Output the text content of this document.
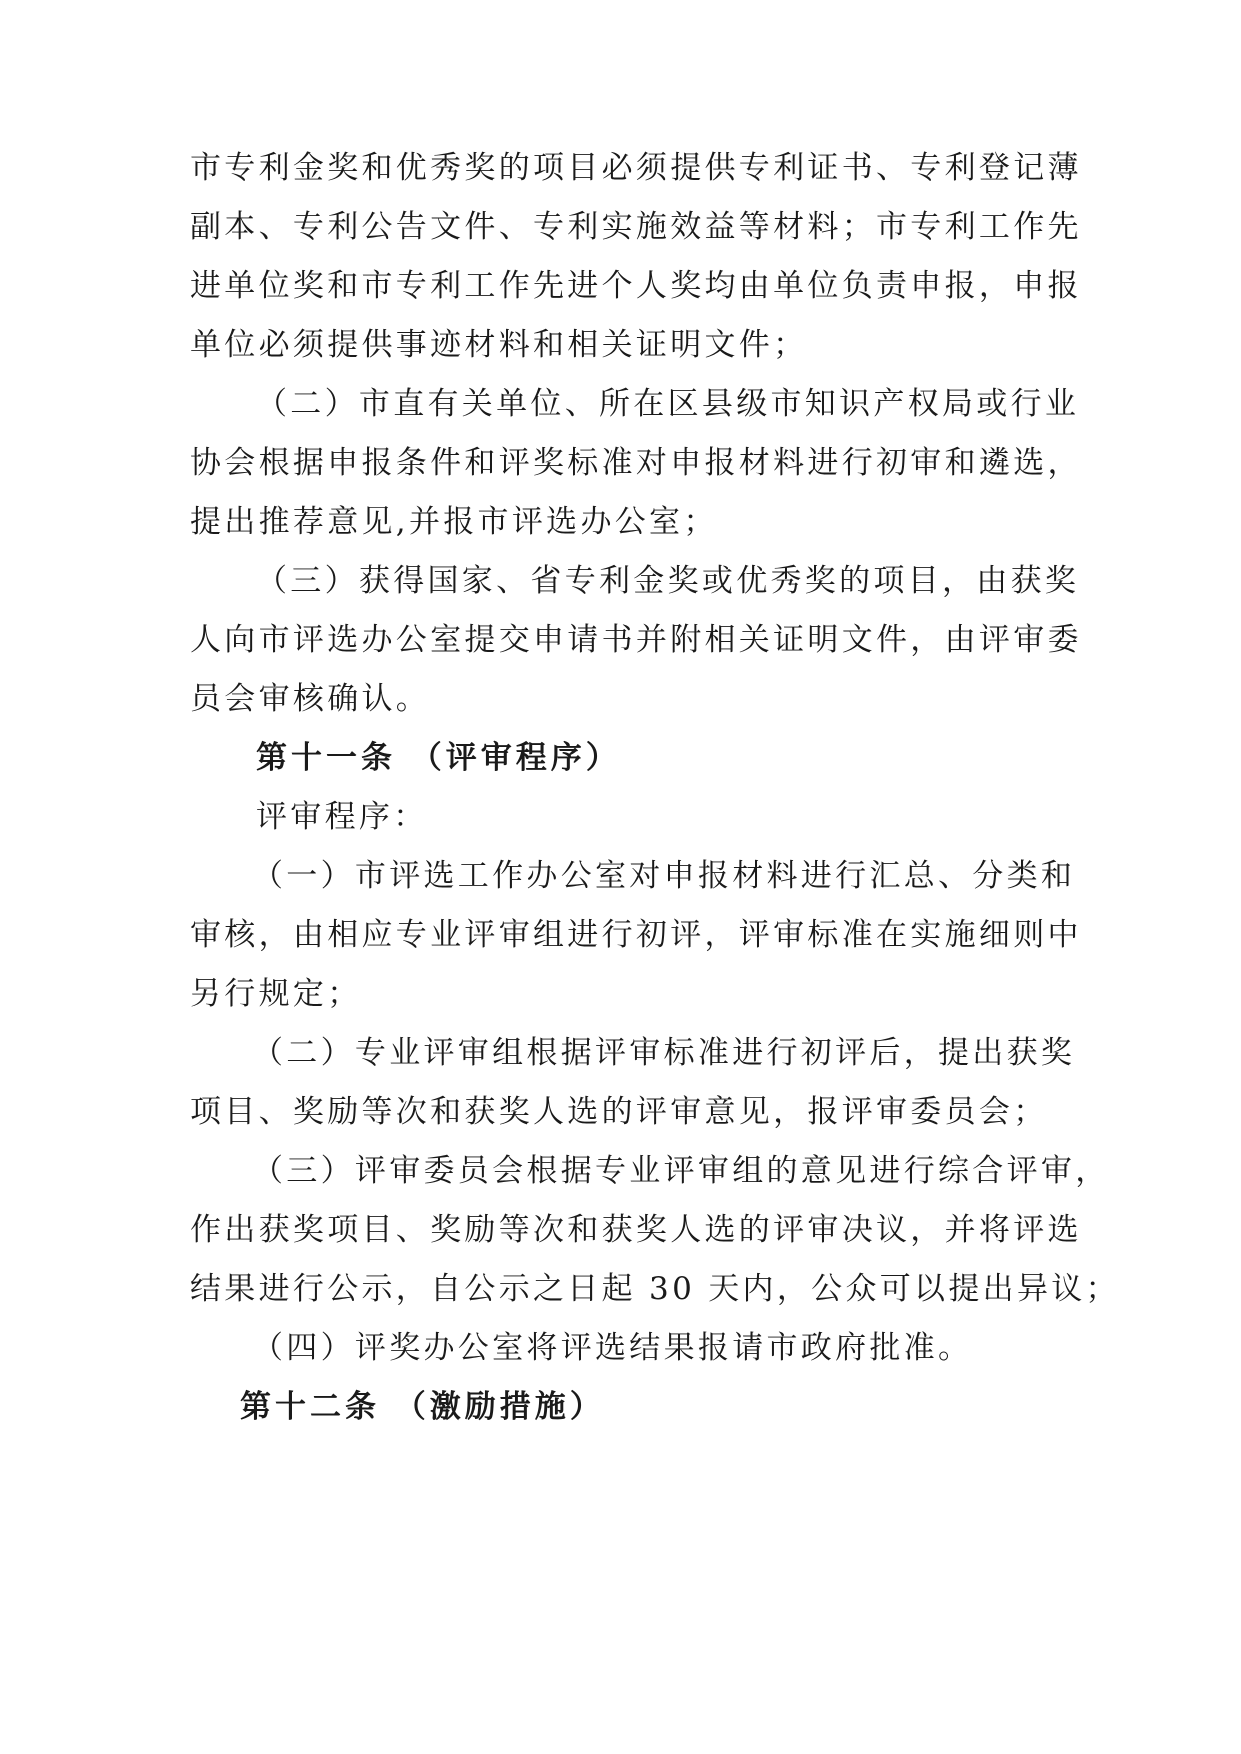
市专利金奖和优秀奖的项目必须提供专利证书、专利登记薄
副本、专利公告文件、专利实施效益等材料；市专利工作先
进单位奖和市专利工作先进个人奖均由单位负责申报，申报
单位必须提供事迹材料和相关证明文件；
（二）市直有关单位、所在区县级市知识产权局或行业
协会根据申报条件和评奖标准对申报材料进行初审和遴选，
提出推荐意见,并报市评选办公室；
（三）获得国家、省专利金奖或优秀奖的项目，由获奖
人向市评选办公室提交申请书并附相关证明文件，由评审委
员会审核确认。
第十一条 （评审程序）
评审程序：
（一）市评选工作办公室对申报材料进行汇总、分类和
审核，由相应专业评审组进行初评，评审标准在实施细则中
另行规定；
（二）专业评审组根据评审标准进行初评后，提出获奖
项目、奖励等次和获奖人选的评审意见，报评审委员会；
（三）评审委员会根据专业评审组的意见进行综合评审，
作出获奖项目、奖励等次和获奖人选的评审决议，并将评选
结果进行公示，自公示之日起 30 天内，公众可以提出异议；
（四）评奖办公室将评选结果报请市政府批准。
第十二条 （激励措施）
